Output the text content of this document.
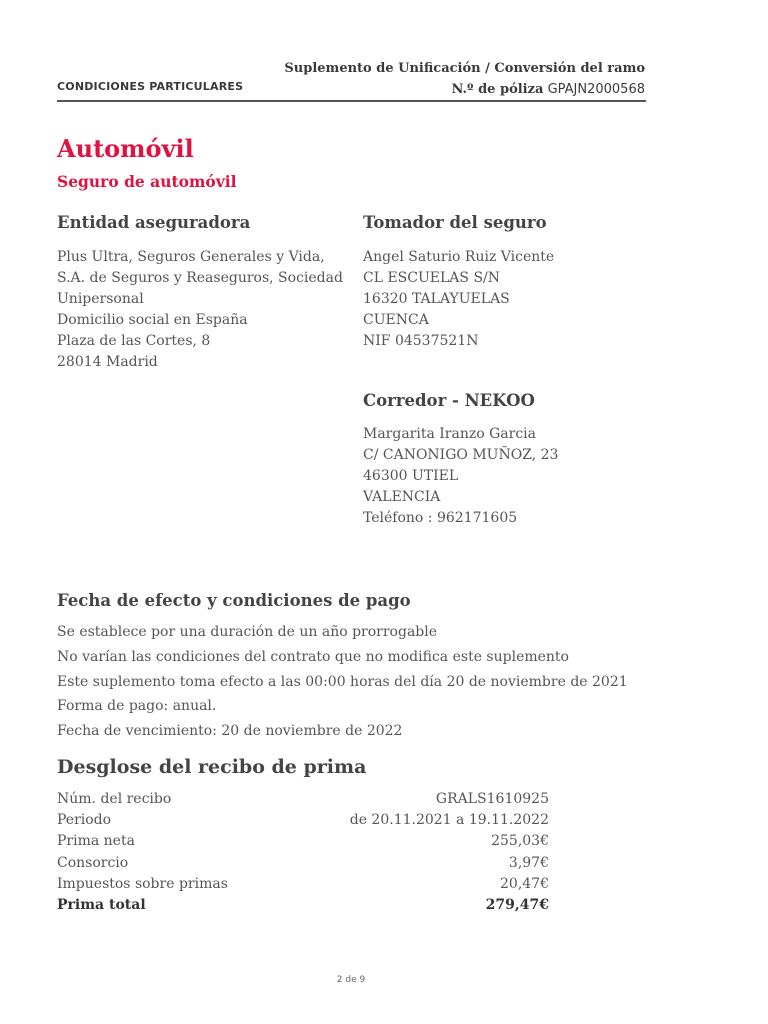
CONDICIONES PARTICULARES
Suplemento de Unificación / Conversión del ramo
N.º de póliza GPAJN2000568
Automóvil
Seguro de automóvil
Entidad aseguradora
Plus Ultra, Seguros Generales y Vida,
S.A. de Seguros y Reaseguros, Sociedad
Unipersonal
Domicilio social en España
Plaza de las Cortes, 8
28014 Madrid
Tomador del seguro
Angel Saturio Ruiz Vicente
CL ESCUELAS S/N
16320 TALAYUELAS
CUENCA
NIF 04537521N
Corredor - NEKOO
Margarita Iranzo Garcia
C/ CANONIGO MUÑOZ, 23
46300 UTIEL
VALENCIA
Teléfono : 962171605
Fecha de efecto y condiciones de pago
Se establece por una duración de un año prorrogable
No varían las condiciones del contrato que no modifica este suplemento
Este suplemento toma efecto a las 00:00 horas del día 20 de noviembre de 2021
Forma de pago: anual.
Fecha de vencimiento: 20 de noviembre de 2022
Desglose del recibo de prima
Núm. del recibo	GRALS1610925
Periodo	de 20.11.2021 a 19.11.2022
Prima neta	255,03€
Consorcio	3,97€
Impuestos sobre primas	20,47€
Prima total	279,47€
2 de 9
